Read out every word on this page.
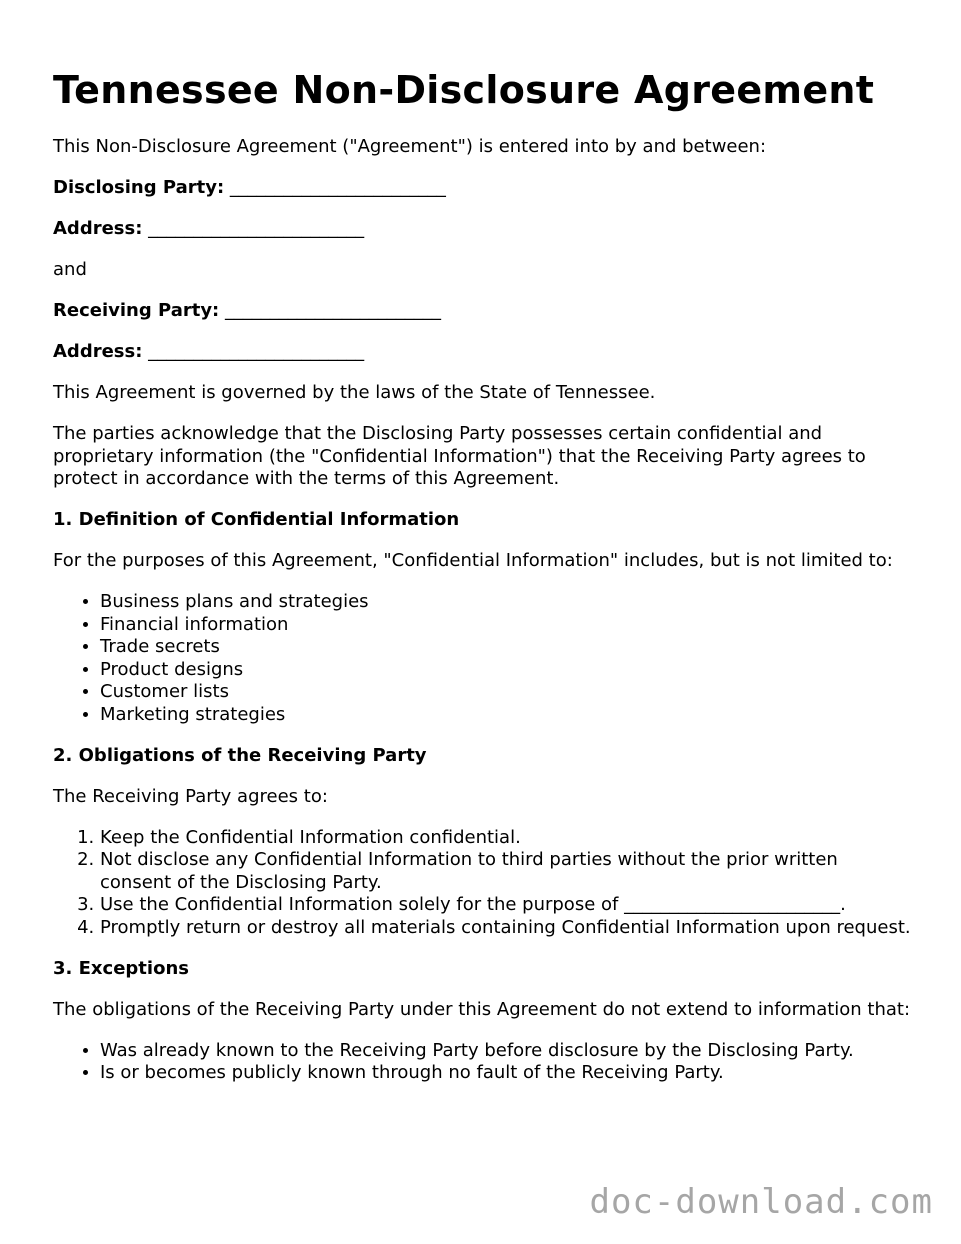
Tennessee Non-Disclosure Agreement

This Non-Disclosure Agreement ("Agreement") is entered into by and between:

Disclosing Party: ________________________

Address: ________________________

and

Receiving Party: ________________________

Address: ________________________

This Agreement is governed by the laws of the State of Tennessee.

The parties acknowledge that the Disclosing Party possesses certain confidential and proprietary information (the "Confidential Information") that the Receiving Party agrees to protect in accordance with the terms of this Agreement.

1. Definition of Confidential Information

For the purposes of this Agreement, "Confidential Information" includes, but is not limited to:

• Business plans and strategies
• Financial information
• Trade secrets
• Product designs
• Customer lists
• Marketing strategies
2. Obligations of the Receiving Party

The Receiving Party agrees to:

1. Keep the Confidential Information confidential.
2. Not disclose any Confidential Information to third parties without the prior written consent of the Disclosing Party.
3. Use the Confidential Information solely for the purpose of ________________________.
4. Promptly return or destroy all materials containing Confidential Information upon request.
3. Exceptions

The obligations of the Receiving Party under this Agreement do not extend to information that:

• Was already known to the Receiving Party before disclosure by the Disclosing Party.
• Is or becomes publicly known through no fault of the Receiving Party.
doc-download.com
